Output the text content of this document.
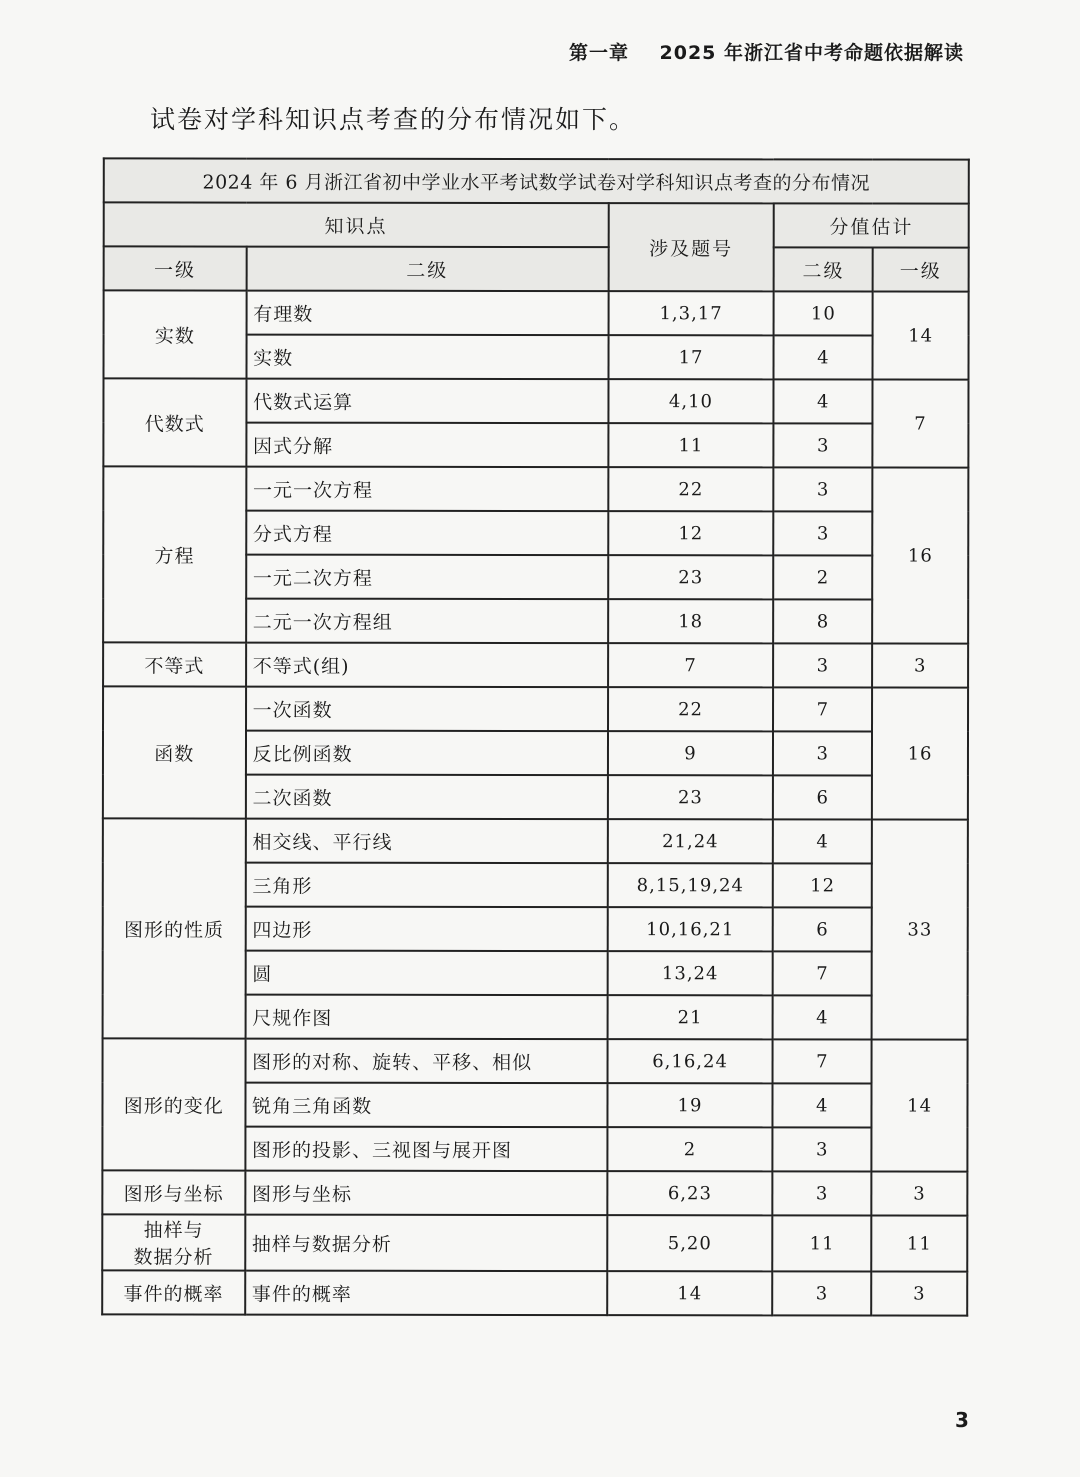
第一章 2025 年浙江省中考命题依据解读
试卷对学科知识点考查的分布情况如下。
2024 年 6 月浙江省初中学业水平考试数学试卷对学科知识点考查的分布情况				
知识点		涉及题号	分值估计	
一级	二级		二级	一级
实数	有理数	1,3,17	10	14
	实数	17	4	
代数式	代数式运算	4,10	4	7
	因式分解	11	3	
方程	一元一次方程	22	3	16
	分式方程	12	3	
	一元二次方程	23	2	
	二元一次方程组	18	8	
不等式	不等式(组)	7	3	3
函数	一次函数	22	7	16
	反比例函数	9	3	
	二次函数	23	6	
图形的性质	相交线、平行线	21,24	4	33
	三角形	8,15,19,24	12	
	四边形	10,16,21	6	
	圆	13,24	7	
	尺规作图	21	4	
图形的变化	图形的对称、旋转、平移、相似	6,16,24	7	14
	锐角三角函数	19	4	
	图形的投影、三视图与展开图	2	3	
图形与坐标	图形与坐标	6,23	3	3

抽样与
数据分析	抽样与数据分析	5,20	11	11
事件的概率	事件的概率	14	3	3
3
